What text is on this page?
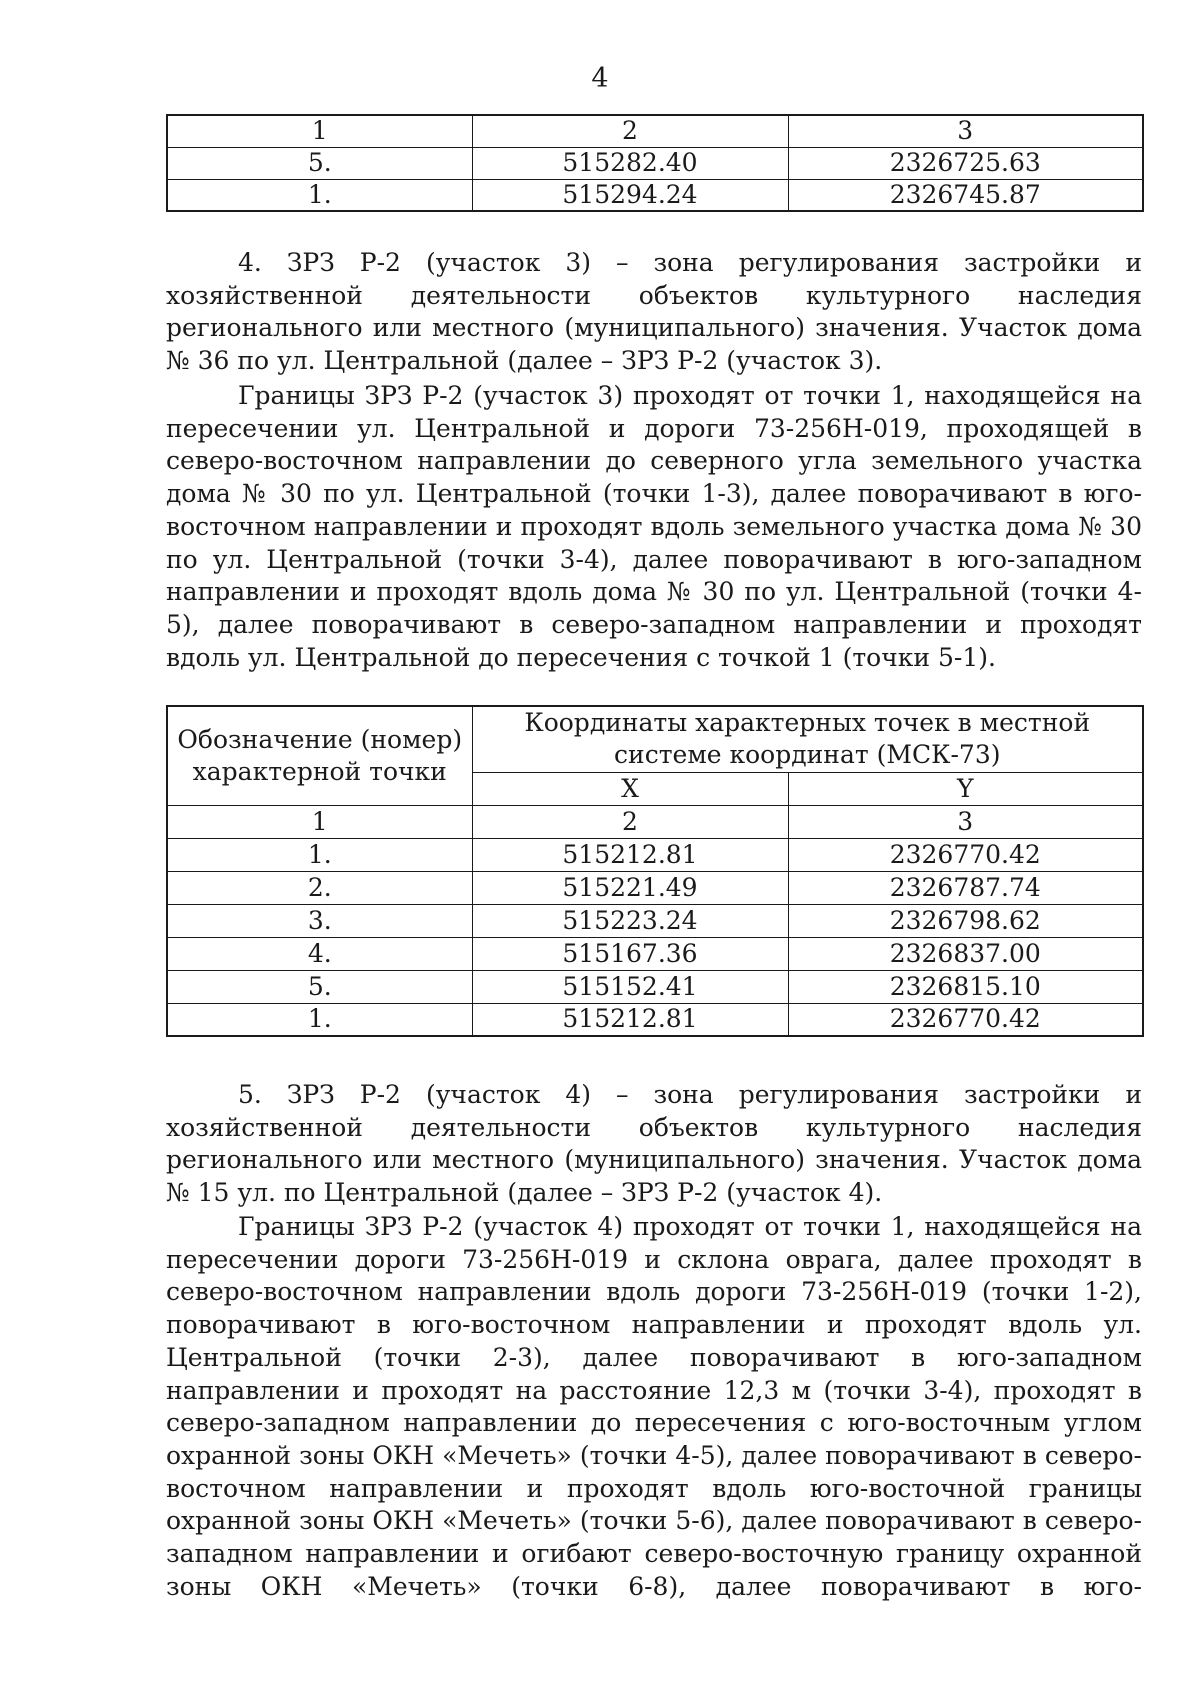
4
1	2	3
5.	515282.40	2326725.63
1.	515294.24	2326745.87

4. ЗРЗ Р-2 (участок 3) – зона регулирования застройки и хозяйственной деятельности объектов культурного наследия регионального или местного (муниципального) значения. Участок дома № 36 по ул. Центральной (далее – ЗРЗ Р-2 (участок 3).

Границы ЗРЗ Р-2 (участок 3) проходят от точки 1, находящейся на пересечении ул. Центральной и дороги 73-256Н-019, проходящей в северо-восточном направлении до северного угла земельного участка дома № 30 по ул. Центральной (точки 1-3), далее поворачивают в юго-восточном направлении и проходят вдоль земельного участка дома № 30 по ул. Центральной (точки 3-4), далее поворачивают в юго-западном направлении и проходят вдоль дома № 30 по ул. Центральной (точки 4-5), далее поворачивают в северо-западном направлении и проходят вдоль ул. Центральной до пересечения с точкой 1 (точки 5-1).

Обозначение (номер) характерной точки	Координаты характерных точек в местной системе координат (МСК-73)	
	X	Y
1	2	3
1.	515212.81	2326770.42
2.	515221.49	2326787.74
3.	515223.24	2326798.62
4.	515167.36	2326837.00
5.	515152.41	2326815.10
1.	515212.81	2326770.42

5. ЗРЗ Р-2 (участок 4) – зона регулирования застройки и хозяйственной деятельности объектов культурного наследия регионального или местного (муниципального) значения. Участок дома № 15 ул. по Центральной (далее – ЗРЗ Р-2 (участок 4).

Границы ЗРЗ Р-2 (участок 4) проходят от точки 1, находящейся на пересечении дороги 73-256Н-019 и склона оврага, далее проходят в северо-восточном направлении вдоль дороги 73-256Н-019 (точки 1-2), поворачивают в юго-восточном направлении и проходят вдоль ул. Центральной (точки 2-3), далее поворачивают в юго-западном направлении и проходят на расстояние 12,3 м (точки 3-4), проходят в северо-западном направлении до пересечения с юго-восточным углом охранной зоны ОКН «Мечеть» (точки 4-5), далее поворачивают в северо-восточном направлении и проходят вдоль юго-восточной границы охранной зоны ОКН «Мечеть» (точки 5-6), далее поворачивают в северо-западном направлении и огибают северо-восточную границу охранной зоны ОКН «Мечеть» (точки 6-8), далее поворачивают в юго-
